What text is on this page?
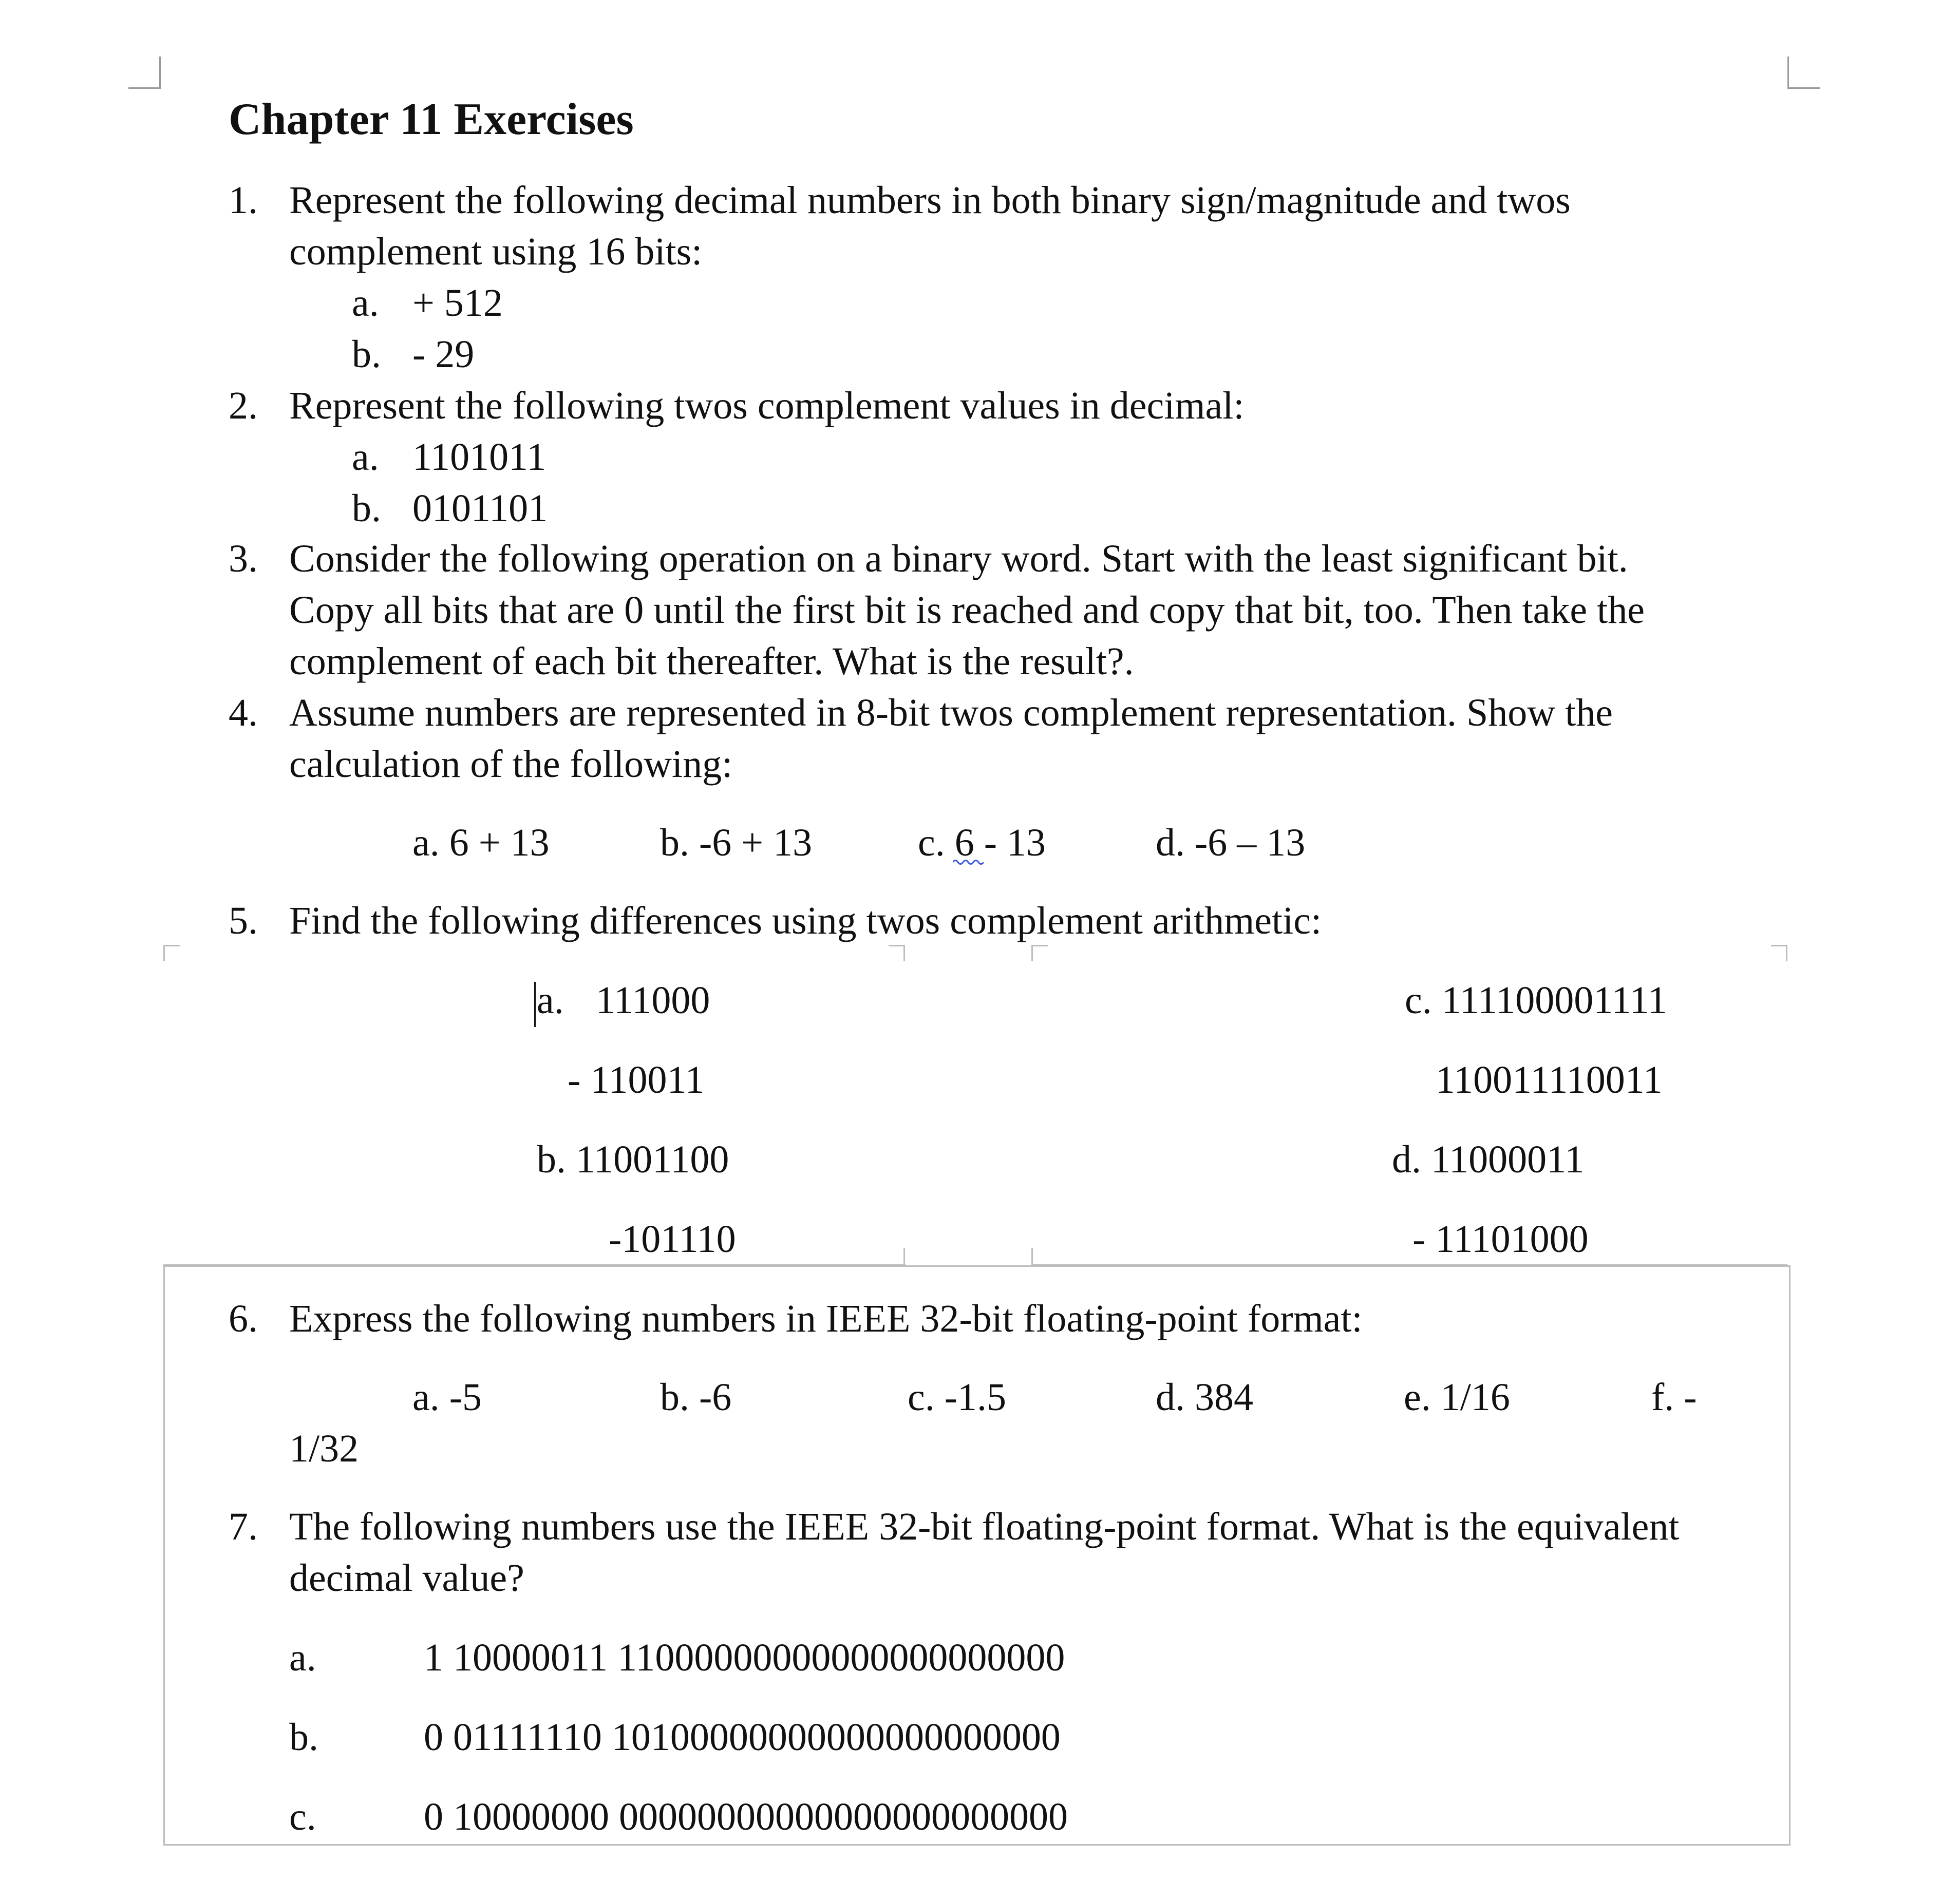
Chapter 11 Exercises
1. Represent the following decimal numbers in both binary sign/magnitude and twos
complement using 16 bits:
a. + 512
b. - 29
2. Represent the following twos complement values in decimal:
a. 1101011
b. 0101101
3. Consider the following operation on a binary word. Start with the least significant bit.
Copy all bits that are 0 until the first bit is reached and copy that bit, too. Then take the
complement of each bit thereafter. What is the result?.
4. Assume numbers are represented in 8-bit twos complement representation. Show the
calculation of the following:
a. 6 + 13	b. -6 + 13	c. 6 - 13	d. -6 – 13
5. Find the following differences using twos complement arithmetic:
a. 111000
- 110011
b. 11001100
-101110
c. 111100001111
110011110011
d. 11000011
- 11101000
6. Express the following numbers in IEEE 32-bit floating-point format:
a. -5	b. -6	c. -1.5	d. 384	e. 1/16	f. -
1/32
7. The following numbers use the IEEE 32-bit floating-point format. What is the equivalent
decimal value?
a.	1 10000011 11000000000000000000000
b.	0 01111110 10100000000000000000000
c.	0 10000000 00000000000000000000000
